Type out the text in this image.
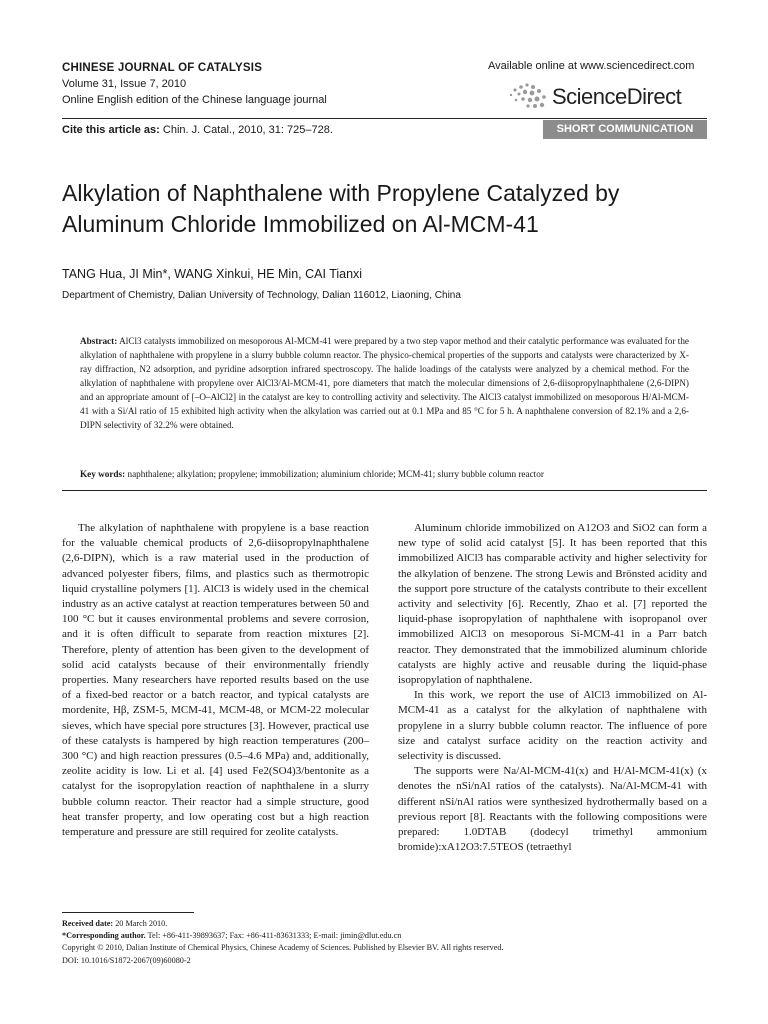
CHINESE JOURNAL OF CATALYSIS
Volume 31, Issue 7, 2010
Online English edition of the Chinese language journal
Available online at www.sciencedirect.com
ScienceDirect
Cite this article as: Chin. J. Catal., 2010, 31: 725–728.	SHORT COMMUNICATION
Alkylation of Naphthalene with Propylene Catalyzed by Aluminum Chloride Immobilized on Al-MCM-41
TANG Hua, JI Min*, WANG Xinkui, HE Min, CAI Tianxi
Department of Chemistry, Dalian University of Technology, Dalian 116012, Liaoning, China
Abstract: AlCl3 catalysts immobilized on mesoporous Al-MCM-41 were prepared by a two step vapor method and their catalytic performance was evaluated for the alkylation of naphthalene with propylene in a slurry bubble column reactor. The physico-chemical properties of the supports and catalysts were characterized by X-ray diffraction, N2 adsorption, and pyridine adsorption infrared spectroscopy. The halide loadings of the catalysts were analyzed by a chemical method. For the alkylation of naphthalene with propylene over AlCl3/Al-MCM-41, pore diameters that match the molecular dimensions of 2,6-diisopropylnaphthalene (2,6-DIPN) and an appropriate amount of [–O–AlCl2] in the catalyst are key to controlling activity and selectivity. The AlCl3 catalyst immobilized on mesoporous H/Al-MCM-41 with a Si/Al ratio of 15 exhibited high activity when the alkylation was carried out at 0.1 MPa and 85 °C for 5 h. A naphthalene conversion of 82.1% and a 2,6-DIPN selectivity of 32.2% were obtained.
Key words: naphthalene; alkylation; propylene; immobilization; aluminium chloride; MCM-41; slurry bubble column reactor

The alkylation of naphthalene with propylene is a base reaction for the valuable chemical products of 2,6-diisopropylnaphthalene (2,6-DIPN), which is a raw material used in the production of advanced polyester fibers, films, and plastics such as thermotropic liquid crystalline polymers [1]. AlCl3 is widely used in the chemical industry as an active catalyst at reaction temperatures between 50 and 100 °C but it causes environmental problems and severe corrosion, and it is often difficult to separate from reaction mixtures [2]. Therefore, plenty of attention has been given to the development of solid acid catalysts because of their environmentally friendly properties. Many researchers have reported results based on the use of a fixed-bed reactor or a batch reactor, and typical catalysts are mordenite, Hβ, ZSM-5, MCM-41, MCM-48, or MCM-22 molecular sieves, which have special pore structures [3]. However, practical use of these catalysts is hampered by high reaction temperatures (200–300 °C) and high reaction pressures (0.5–4.6 MPa) and, additionally, zeolite acidity is low. Li et al. [4] used Fe2(SO4)3/bentonite as a catalyst for the isopropylation reaction of naphthalene in a slurry bubble column reactor. Their reactor had a simple structure, good heat transfer property, and low operating cost but a high reaction temperature and pressure are still required for zeolite catalysts.

Aluminum chloride immobilized on A12O3 and SiO2 can form a new type of solid acid catalyst [5]. It has been reported that this immobilized AlCl3 has comparable activity and higher selectivity for the alkylation of benzene. The strong Lewis and Brönsted acidity and the support pore structure of the catalysts contribute to their excellent activity and selectivity [6]. Recently, Zhao et al. [7] reported the liquid-phase isopropylation of naphthalene with isopropanol over immobilized AlCl3 on mesoporous Si-MCM-41 in a Parr batch reactor. They demonstrated that the immobilized aluminum chloride catalysts are highly active and reusable during the liquid-phase isopropylation of naphthalene.

In this work, we report the use of AlCl3 immobilized on Al-MCM-41 as a catalyst for the alkylation of naphthalene with propylene in a slurry bubble column reactor. The influence of pore size and catalyst surface acidity on the reaction activity and selectivity is discussed.

The supports were Na/Al-MCM-41(x) and H/Al-MCM-41(x) (x denotes the nSi/nAl ratios of the catalysts). Na/Al-MCM-41 with different nSi/nAl ratios were synthesized hydrothermally based on a previous report [8]. Reactants with the following compositions were prepared: 1.0DTAB (dodecyl trimethyl ammonium bromide):xA12O3:7.5TEOS (tetraethyl

Received date: 20 March 2010.
*Corresponding author. Tel: +86-411-39893637; Fax: +86-411-83631333; E-mail: jimin@dlut.edu.cn
Copyright © 2010, Dalian Institute of Chemical Physics, Chinese Academy of Sciences. Published by Elsevier BV. All rights reserved.
DOI: 10.1016/S1872-2067(09)60080-2
